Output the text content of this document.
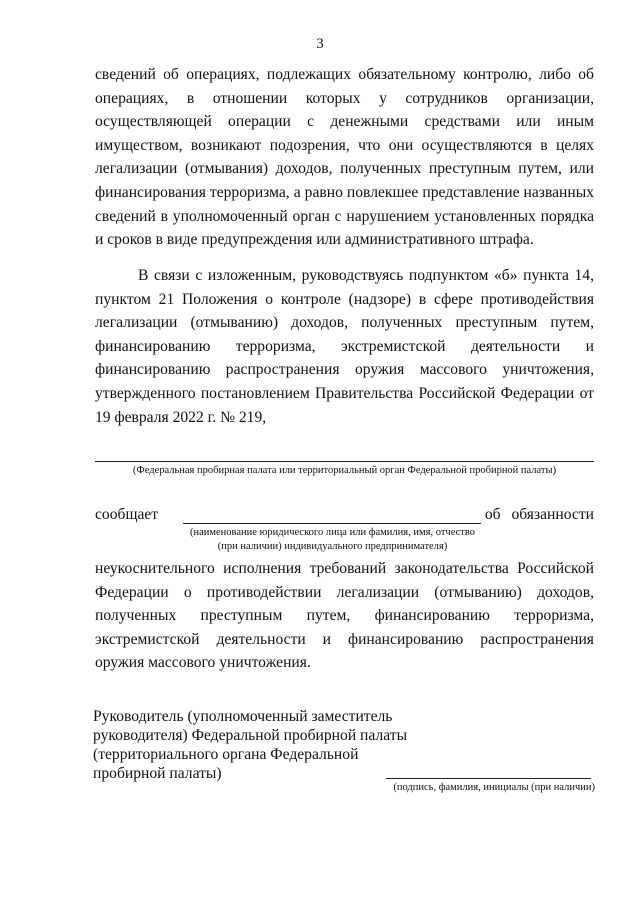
3

сведений об операциях, подлежащих обязательному контролю, либо об операциях, в отношении которых у сотрудников организации, осуществляющей операции с денежными средствами или иным имуществом, возникают подозрения, что они осуществляются в целях легализации (отмывания) доходов, полученных преступным путем, или финансирования терроризма, а равно повлекшее представление названных сведений в уполномоченный орган с нарушением установленных порядка и сроков в виде предупреждения или административного штрафа.

В связи с изложенным, руководствуясь подпунктом «б» пункта 14, пунктом 21 Положения о контроле (надзоре) в сфере противодействия легализации (отмыванию) доходов, полученных преступным путем, финансированию терроризма, экстремистской деятельности и финансированию распространения оружия массового уничтожения, утвержденного постановлением Правительства Российской Федерации от 19 февраля 2022 г. № 219,

(Федеральная пробирная палата или территориальный орган Федеральной пробирной палаты)
сообщает	об обязанности
(наименование юридического лица или фамилия, имя, отчество
(при наличии) индивидуального предпринимателя)

неукоснительного исполнения требований законодательства Российской Федерации о противодействии легализации (отмыванию) доходов, полученных преступным путем, финансированию терроризма, экстремистской деятельности и финансированию распространения оружия массового уничтожения.

Руководитель (уполномоченный заместитель
руководителя) Федеральной пробирной палаты
(территориального органа Федеральной
пробирной палаты)
(подпись, фамилия, инициалы (при наличии)
